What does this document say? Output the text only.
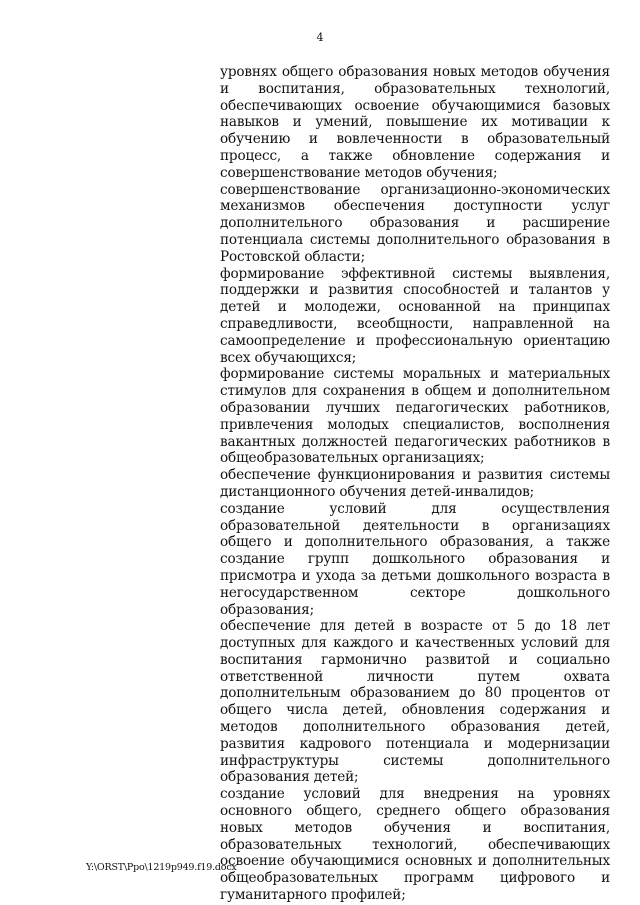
4

уровнях общего образования новых методов обучения и воспитания, образовательных технологий, обеспечивающих освоение обучающимися базовых навыков и умений, повышение их мотивации к обучению и вовлеченности в образовательный процесс, а также обновление содержания и совершенствование методов обучения;

совершенствование организационно-экономических механизмов обеспечения доступности услуг дополнительного образования и расширение потенциала системы дополнительного образования в Ростовской области;

формирование эффективной системы выявления, поддержки и развития способностей и талантов у детей и молодежи, основанной на принципах справедливости, всеобщности, направленной на самоопределение и профессиональную ориентацию всех обучающихся;

формирование системы моральных и материальных стимулов для сохранения в общем и дополнительном образовании лучших педагогических работников, привлечения молодых специалистов, восполнения вакантных должностей педагогических работников в общеобразовательных организациях;

обеспечение функционирования и развития системы дистанционного обучения детей-инвалидов;

создание условий для осуществления образовательной деятельности в организациях общего и дополнительного образования, а также создание групп дошкольного образования и присмотра и ухода за детьми дошкольного возраста в негосударственном секторе дошкольного образования;

обеспечение для детей в возрасте от 5 до 18 лет доступных для каждого и качественных условий для воспитания гармонично развитой и социально ответственной личности путем охвата дополнительным образованием до 80 процентов от общего числа детей, обновления содержания и методов дополнительного образования детей, развития кадрового потенциала и модернизации инфраструктуры системы дополнительного образования детей;

создание условий для внедрения на уровнях основного общего, среднего общего образования новых методов обучения и воспитания, образовательных технологий, обеспечивающих освоение обучающимися основных и дополнительных общеобразовательных программ цифрового и гуманитарного профилей;

Y:\ORST\Ppo\1219p949.f19.docx
